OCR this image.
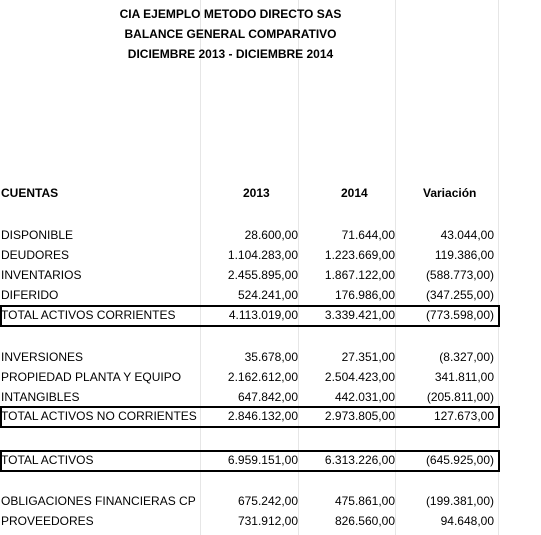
CIA EJEMPLO METODO DIRECTO SAS
BALANCE GENERAL COMPARATIVO
DICIEMBRE 2013 - DICIEMBRE 2014
CUENTAS	2013	2014	Variación
DISPONIBLE	28.600,00	71.644,00	43.044,00
DEUDORES	1.104.283,00 1.223.669,00	119.386,00
INVENTARIOS	2.455.895,00 1.867.122,00	(588.773,00)
DIFERIDO	524.241,00	176.986,00	(347.255,00)
TOTAL ACTIVOS CORRIENTES	4.113.019,00 3.339.421,00	(773.598,00)
INVERSIONES	35.678,00	27.351,00	(8.327,00)
PROPIEDAD PLANTA Y EQUIPO	2.162.612,00 2.504.423,00	341.811,00
INTANGIBLES	647.842,00	442.031,00	(205.811,00)
TOTAL ACTIVOS NO CORRIENTES	2.846.132,00 2.973.805,00	127.673,00
TOTAL ACTIVOS	6.959.151,00 6.313.226,00	(645.925,00)
OBLIGACIONES FINANCIERAS CP	675.242,00	475.861,00	(199.381,00)
PROVEEDORES	731.912,00	826.560,00	94.648,00
